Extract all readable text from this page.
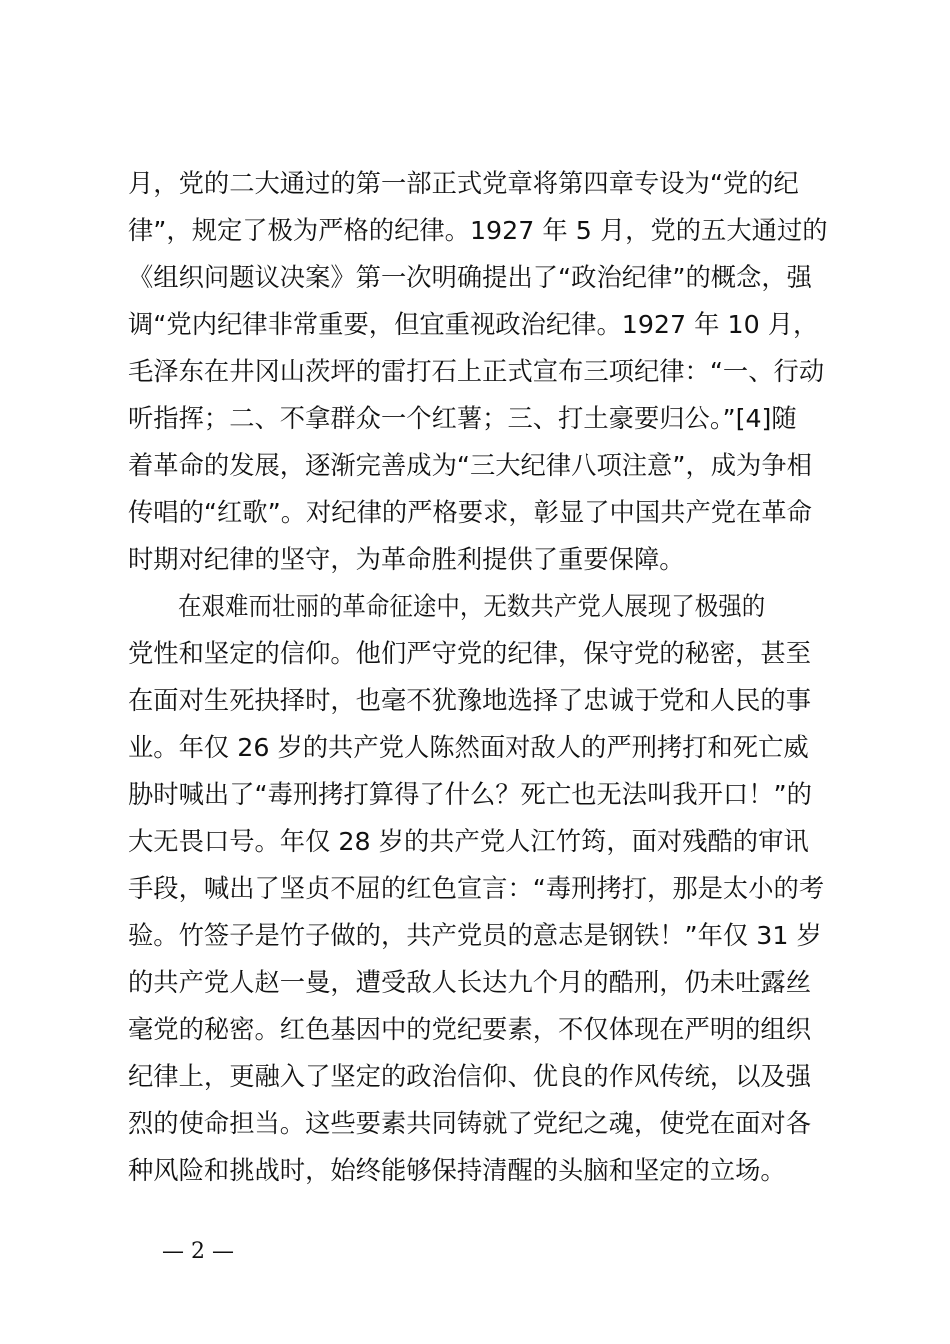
月，党的二大通过的第一部正式党章将第四章专设为“党的纪
律”，规定了极为严格的纪律。1927 年 5 月，党的五大通过的
《组织问题议决案》第一次明确提出了“政治纪律”的概念，强
调“党内纪律非常重要，但宜重视政治纪律。1927 年 10 月，
毛泽东在井冈山茨坪的雷打石上正式宣布三项纪律：“一、行动
听指挥；二、不拿群众一个红薯；三、打土豪要归公。”[4]随
着革命的发展，逐渐完善成为“三大纪律八项注意”，成为争相
传唱的“红歌”。对纪律的严格要求，彰显了中国共产党在革命
时期对纪律的坚守，为革命胜利提供了重要保障。
在艰难而壮丽的革命征途中，无数共产党人展现了极强的
党性和坚定的信仰。他们严守党的纪律，保守党的秘密，甚至
在面对生死抉择时，也毫不犹豫地选择了忠诚于党和人民的事
业。年仅 26 岁的共产党人陈然面对敌人的严刑拷打和死亡威
胁时喊出了“毒刑拷打算得了什么？死亡也无法叫我开口！”的
大无畏口号。年仅 28 岁的共产党人江竹筠，面对残酷的审讯
手段，喊出了坚贞不屈的红色宣言：“毒刑拷打，那是太小的考
验。竹签子是竹子做的，共产党员的意志是钢铁！”年仅 31 岁
的共产党人赵一曼，遭受敌人长达九个月的酷刑，仍未吐露丝
毫党的秘密。红色基因中的党纪要素，不仅体现在严明的组织
纪律上，更融入了坚定的政治信仰、优良的作风传统，以及强
烈的使命担当。这些要素共同铸就了党纪之魂，使党在面对各
种风险和挑战时，始终能够保持清醒的头脑和坚定的立场。
— 2 —
